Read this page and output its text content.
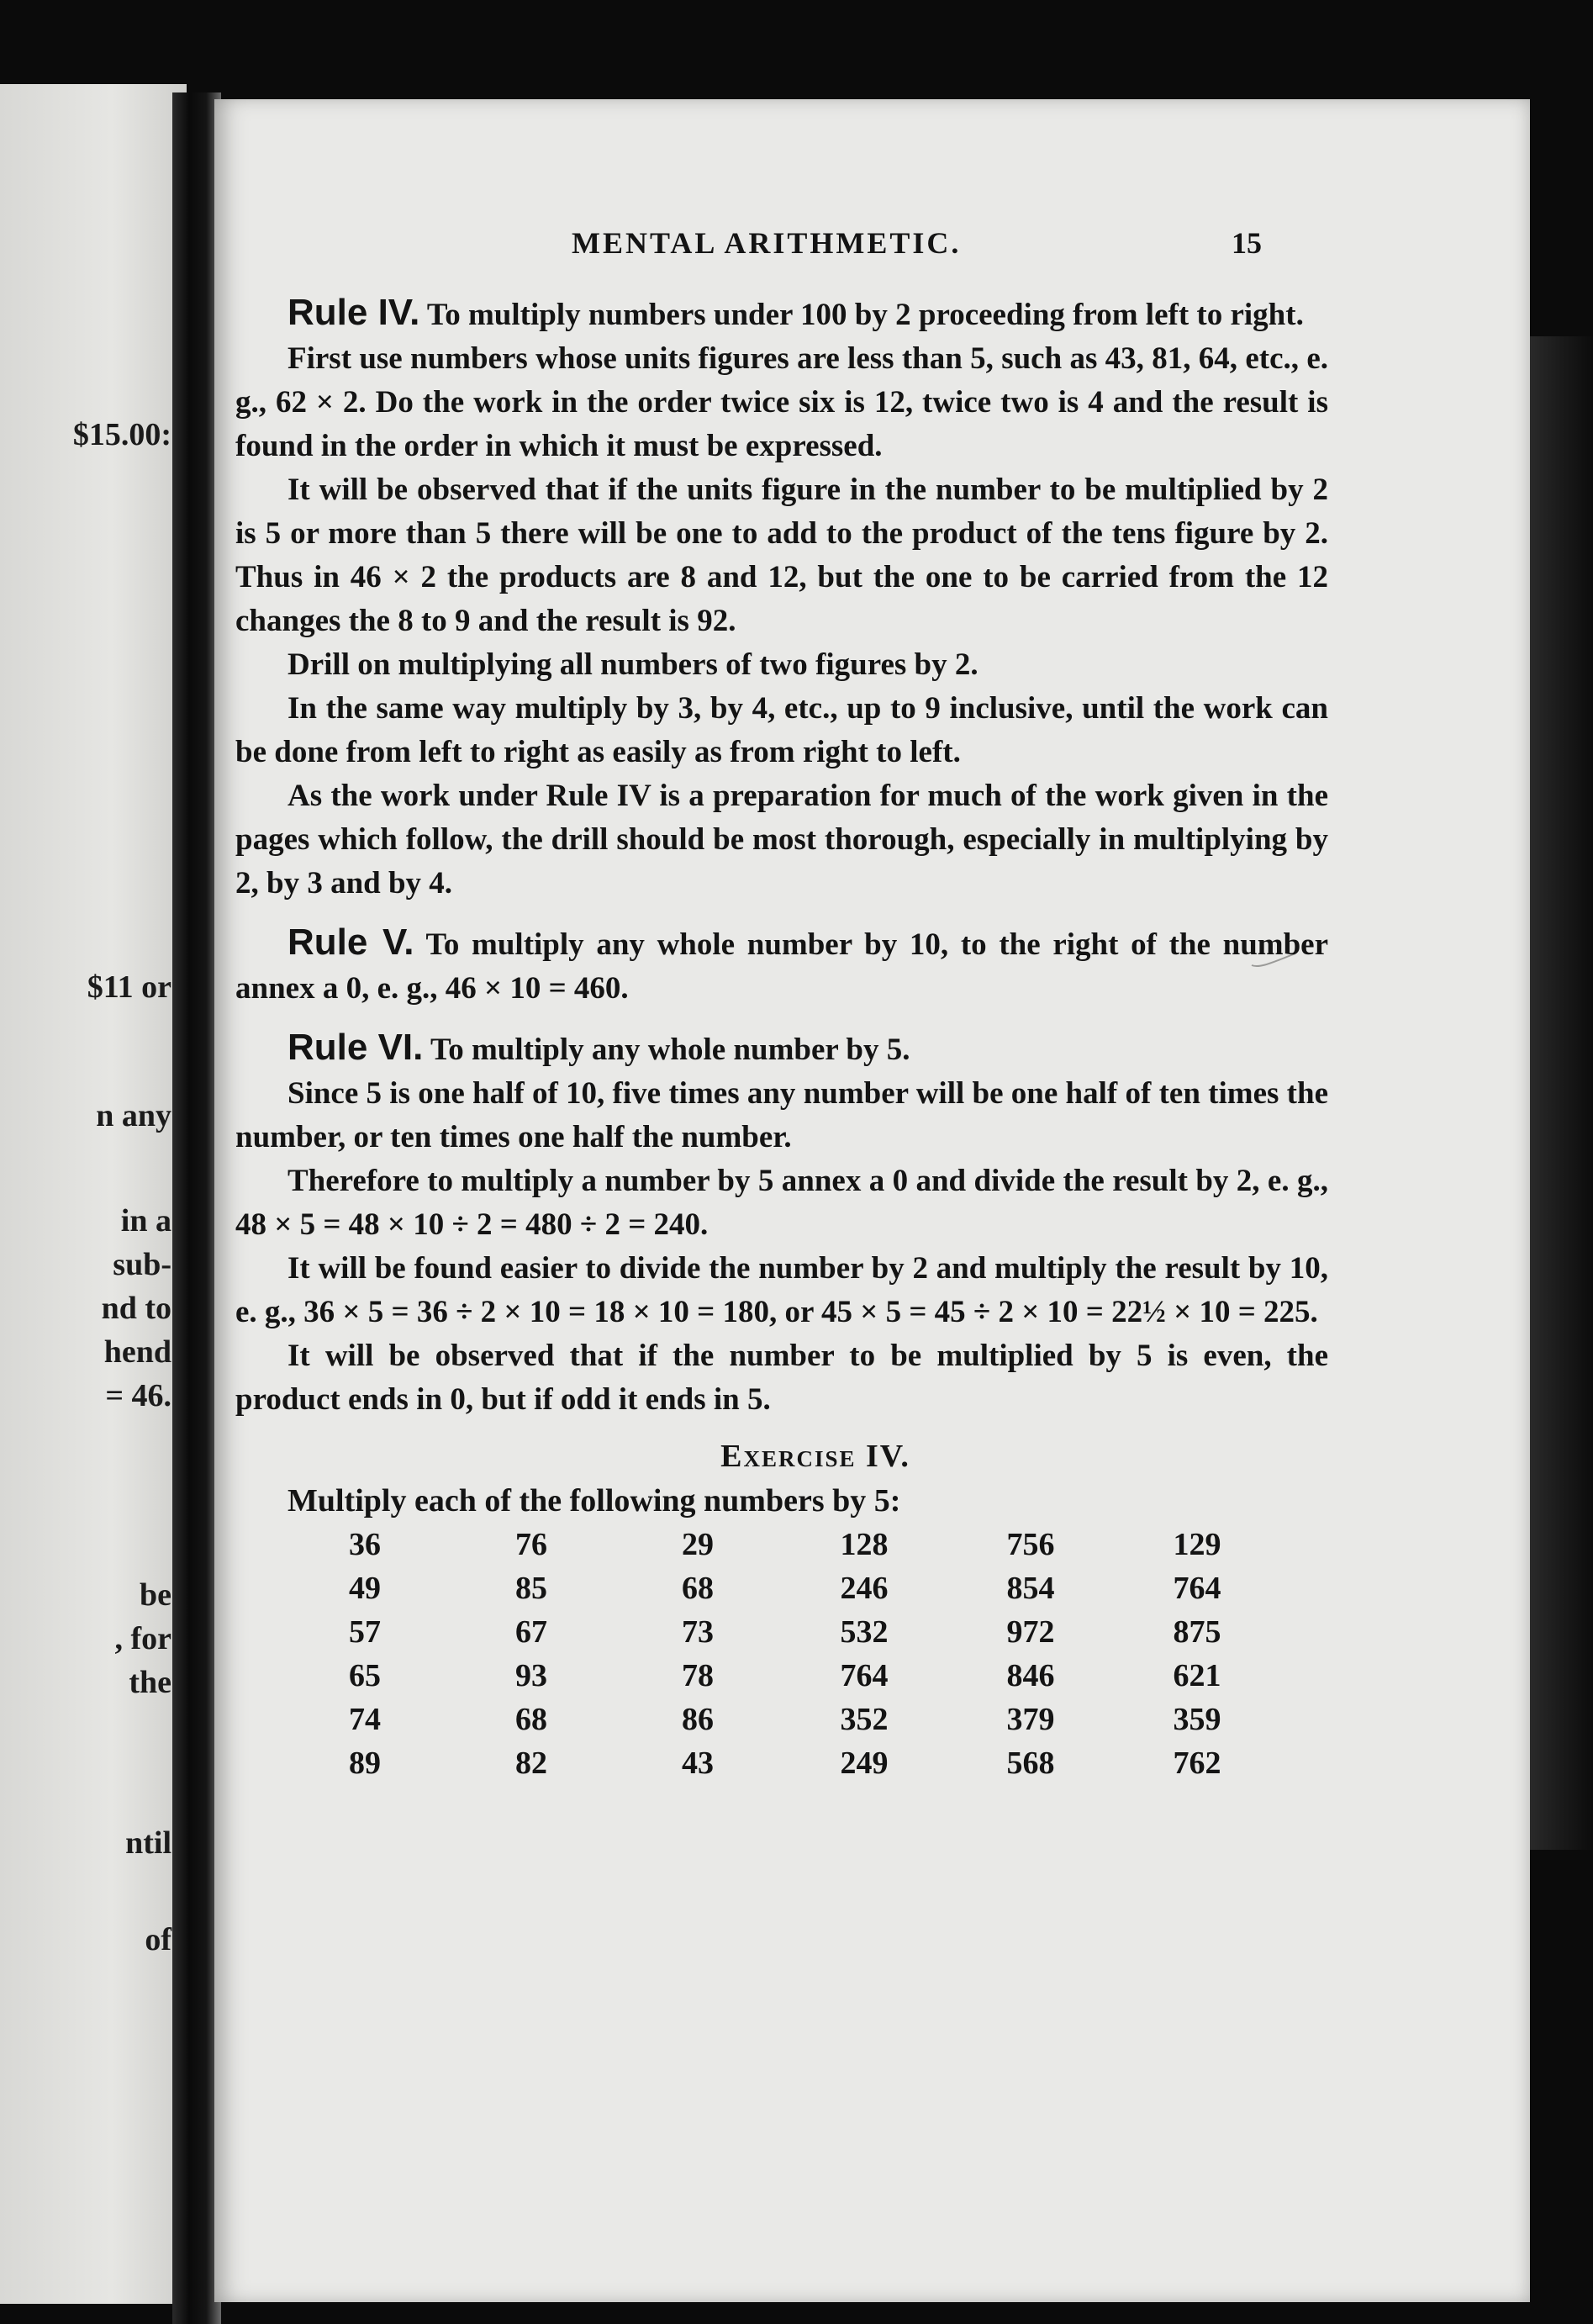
$15.00:
$11 or
n any
in a
sub-
nd to
hend
= 46.
be
, for
the
ntil
of
MENTAL ARITHMETIC.	15

Rule IV. To multiply numbers under 100 by 2 proceeding from left to right.

First use numbers whose units figures are less than 5, such as 43, 81, 64, etc., e. g., 62 × 2. Do the work in the order twice six is 12, twice two is 4 and the result is found in the order in which it must be expressed.

It will be observed that if the units figure in the number to be multiplied by 2 is 5 or more than 5 there will be one to add to the product of the tens figure by 2. Thus in 46 × 2 the products are 8 and 12, but the one to be carried from the 12 changes the 8 to 9 and the result is 92.

Drill on multiplying all numbers of two figures by 2.

In the same way multiply by 3, by 4, etc., up to 9 inclusive, until the work can be done from left to right as easily as from right to left.

As the work under Rule IV is a preparation for much of the work given in the pages which follow, the drill should be most thorough, especially in multiplying by 2, by 3 and by 4.

Rule V. To multiply any whole number by 10, to the right of the number annex a 0, e. g., 46 × 10 = 460.

Rule VI. To multiply any whole number by 5.

Since 5 is one half of 10, five times any number will be one half of ten times the number, or ten times one half the number.

Therefore to multiply a number by 5 annex a 0 and divide the result by 2, e. g., 48 × 5 = 48 × 10 ÷ 2 = 480 ÷ 2 = 240.

It will be found easier to divide the number by 2 and multiply the result by 10, e. g., 36 × 5 = 36 ÷ 2 × 10 = 18 × 10 = 180, or 45 × 5 = 45 ÷ 2 × 10 = 22½ × 10 = 225.

It will be observed that if the number to be multiplied by 5 is even, the product ends in 0, but if odd it ends in 5.

Exercise IV.
Multiply each of the following numbers by 5:
36	76	29	128	756	129
49	85	68	246	854	764
57	67	73	532	972	875
65	93	78	764	846	621
74	68	86	352	379	359
89	82	43	249	568	762
